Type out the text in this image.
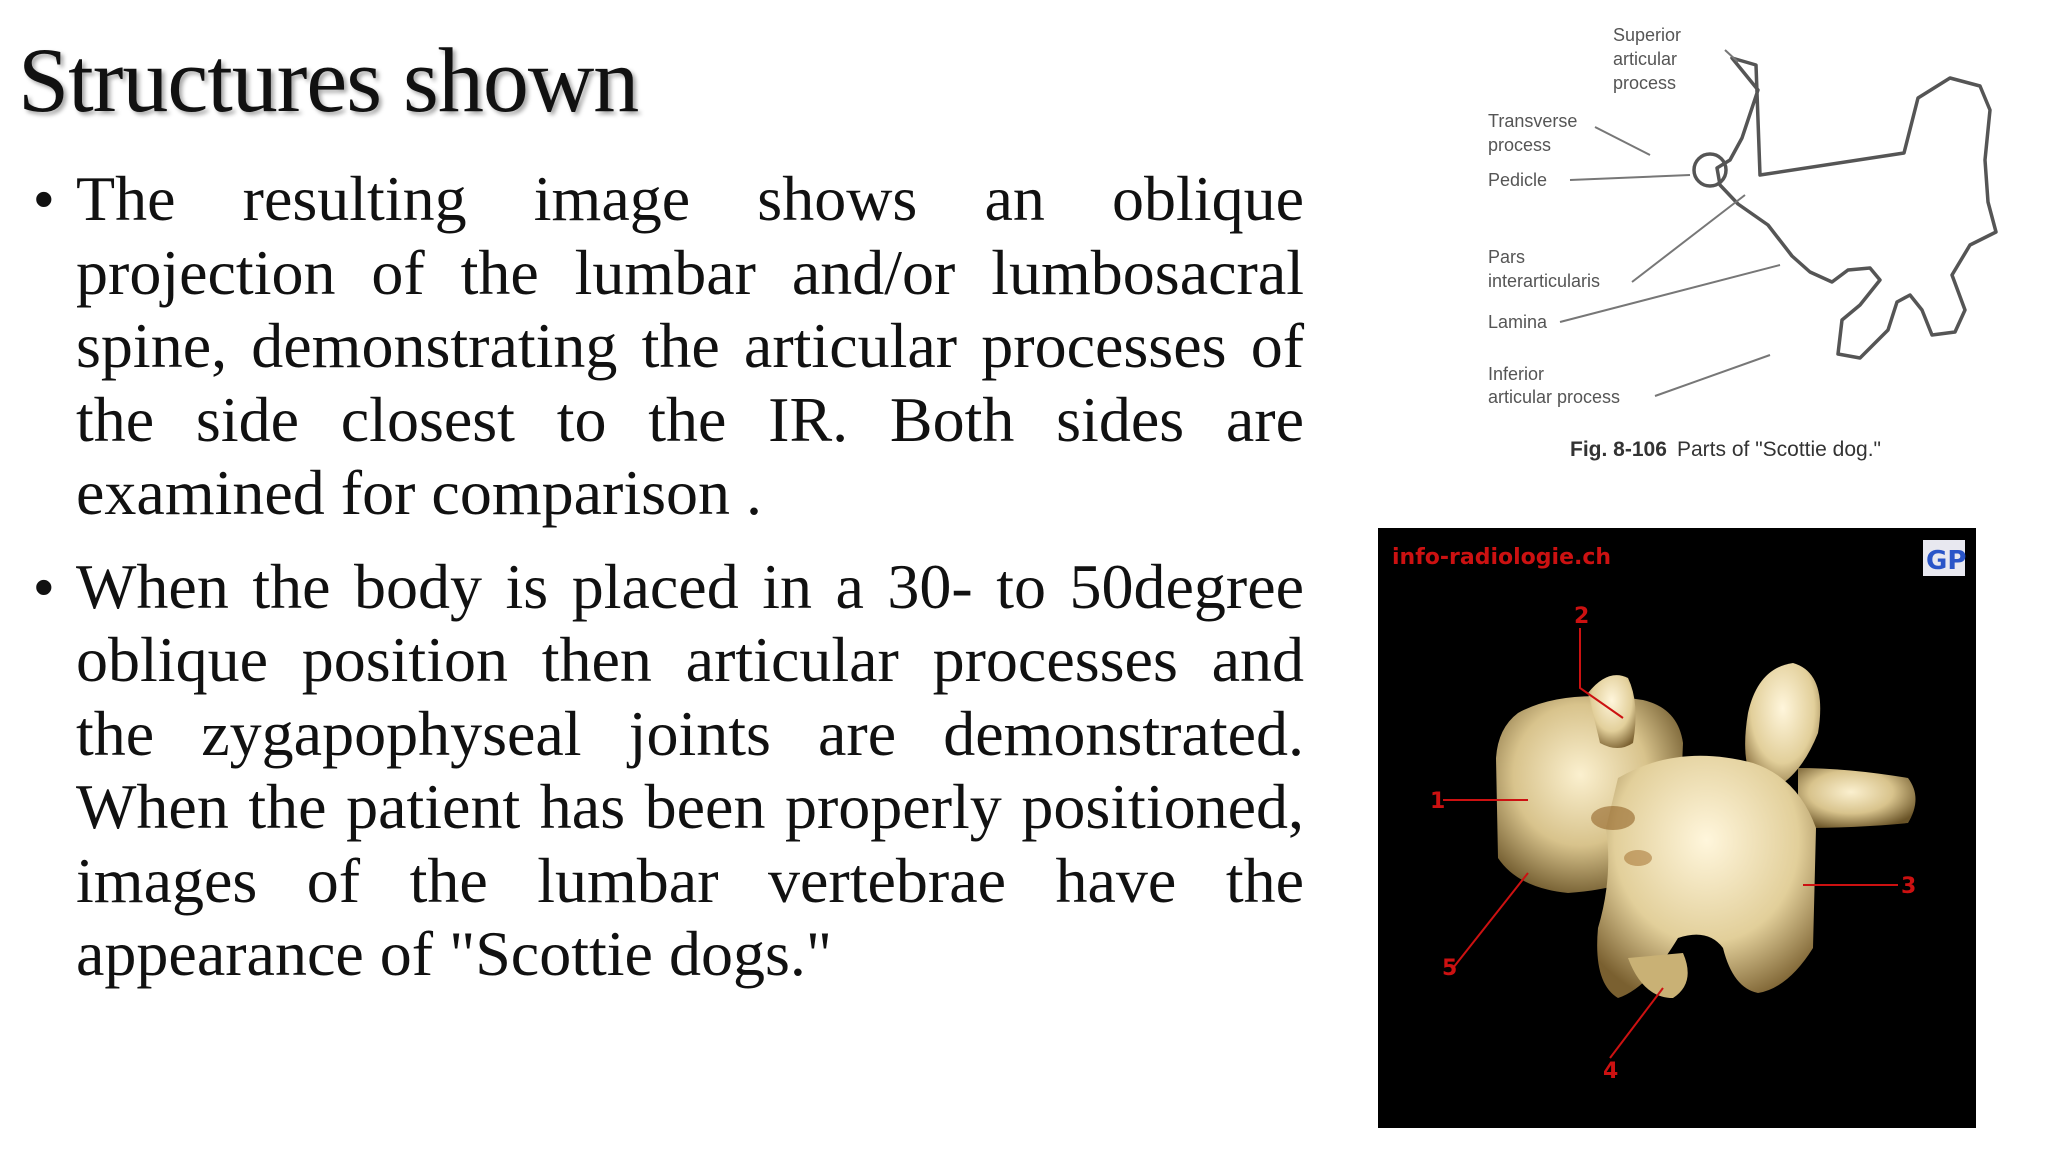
Structures shown
• The resulting image shows an oblique projection of the lumbar and/or lumbosacral spine, demonstrating the articular processes of the side closest to the IR. Both sides are examined for comparison .
• When the body is placed in a 30- to 50degree oblique position then articular processes and the zygapophyseal joints are demonstrated. When the patient has been properly positioned, images of the lumbar vertebrae have the appearance of "Scottie dogs."
Superior
articular
process
Transverse
process
Pedicle
Pars
interarticularis
Lamina
Inferior
articular process
Fig. 8-106 Parts of "Scottie dog."
2
1
3
4
5
info-radiologie.ch	GP
